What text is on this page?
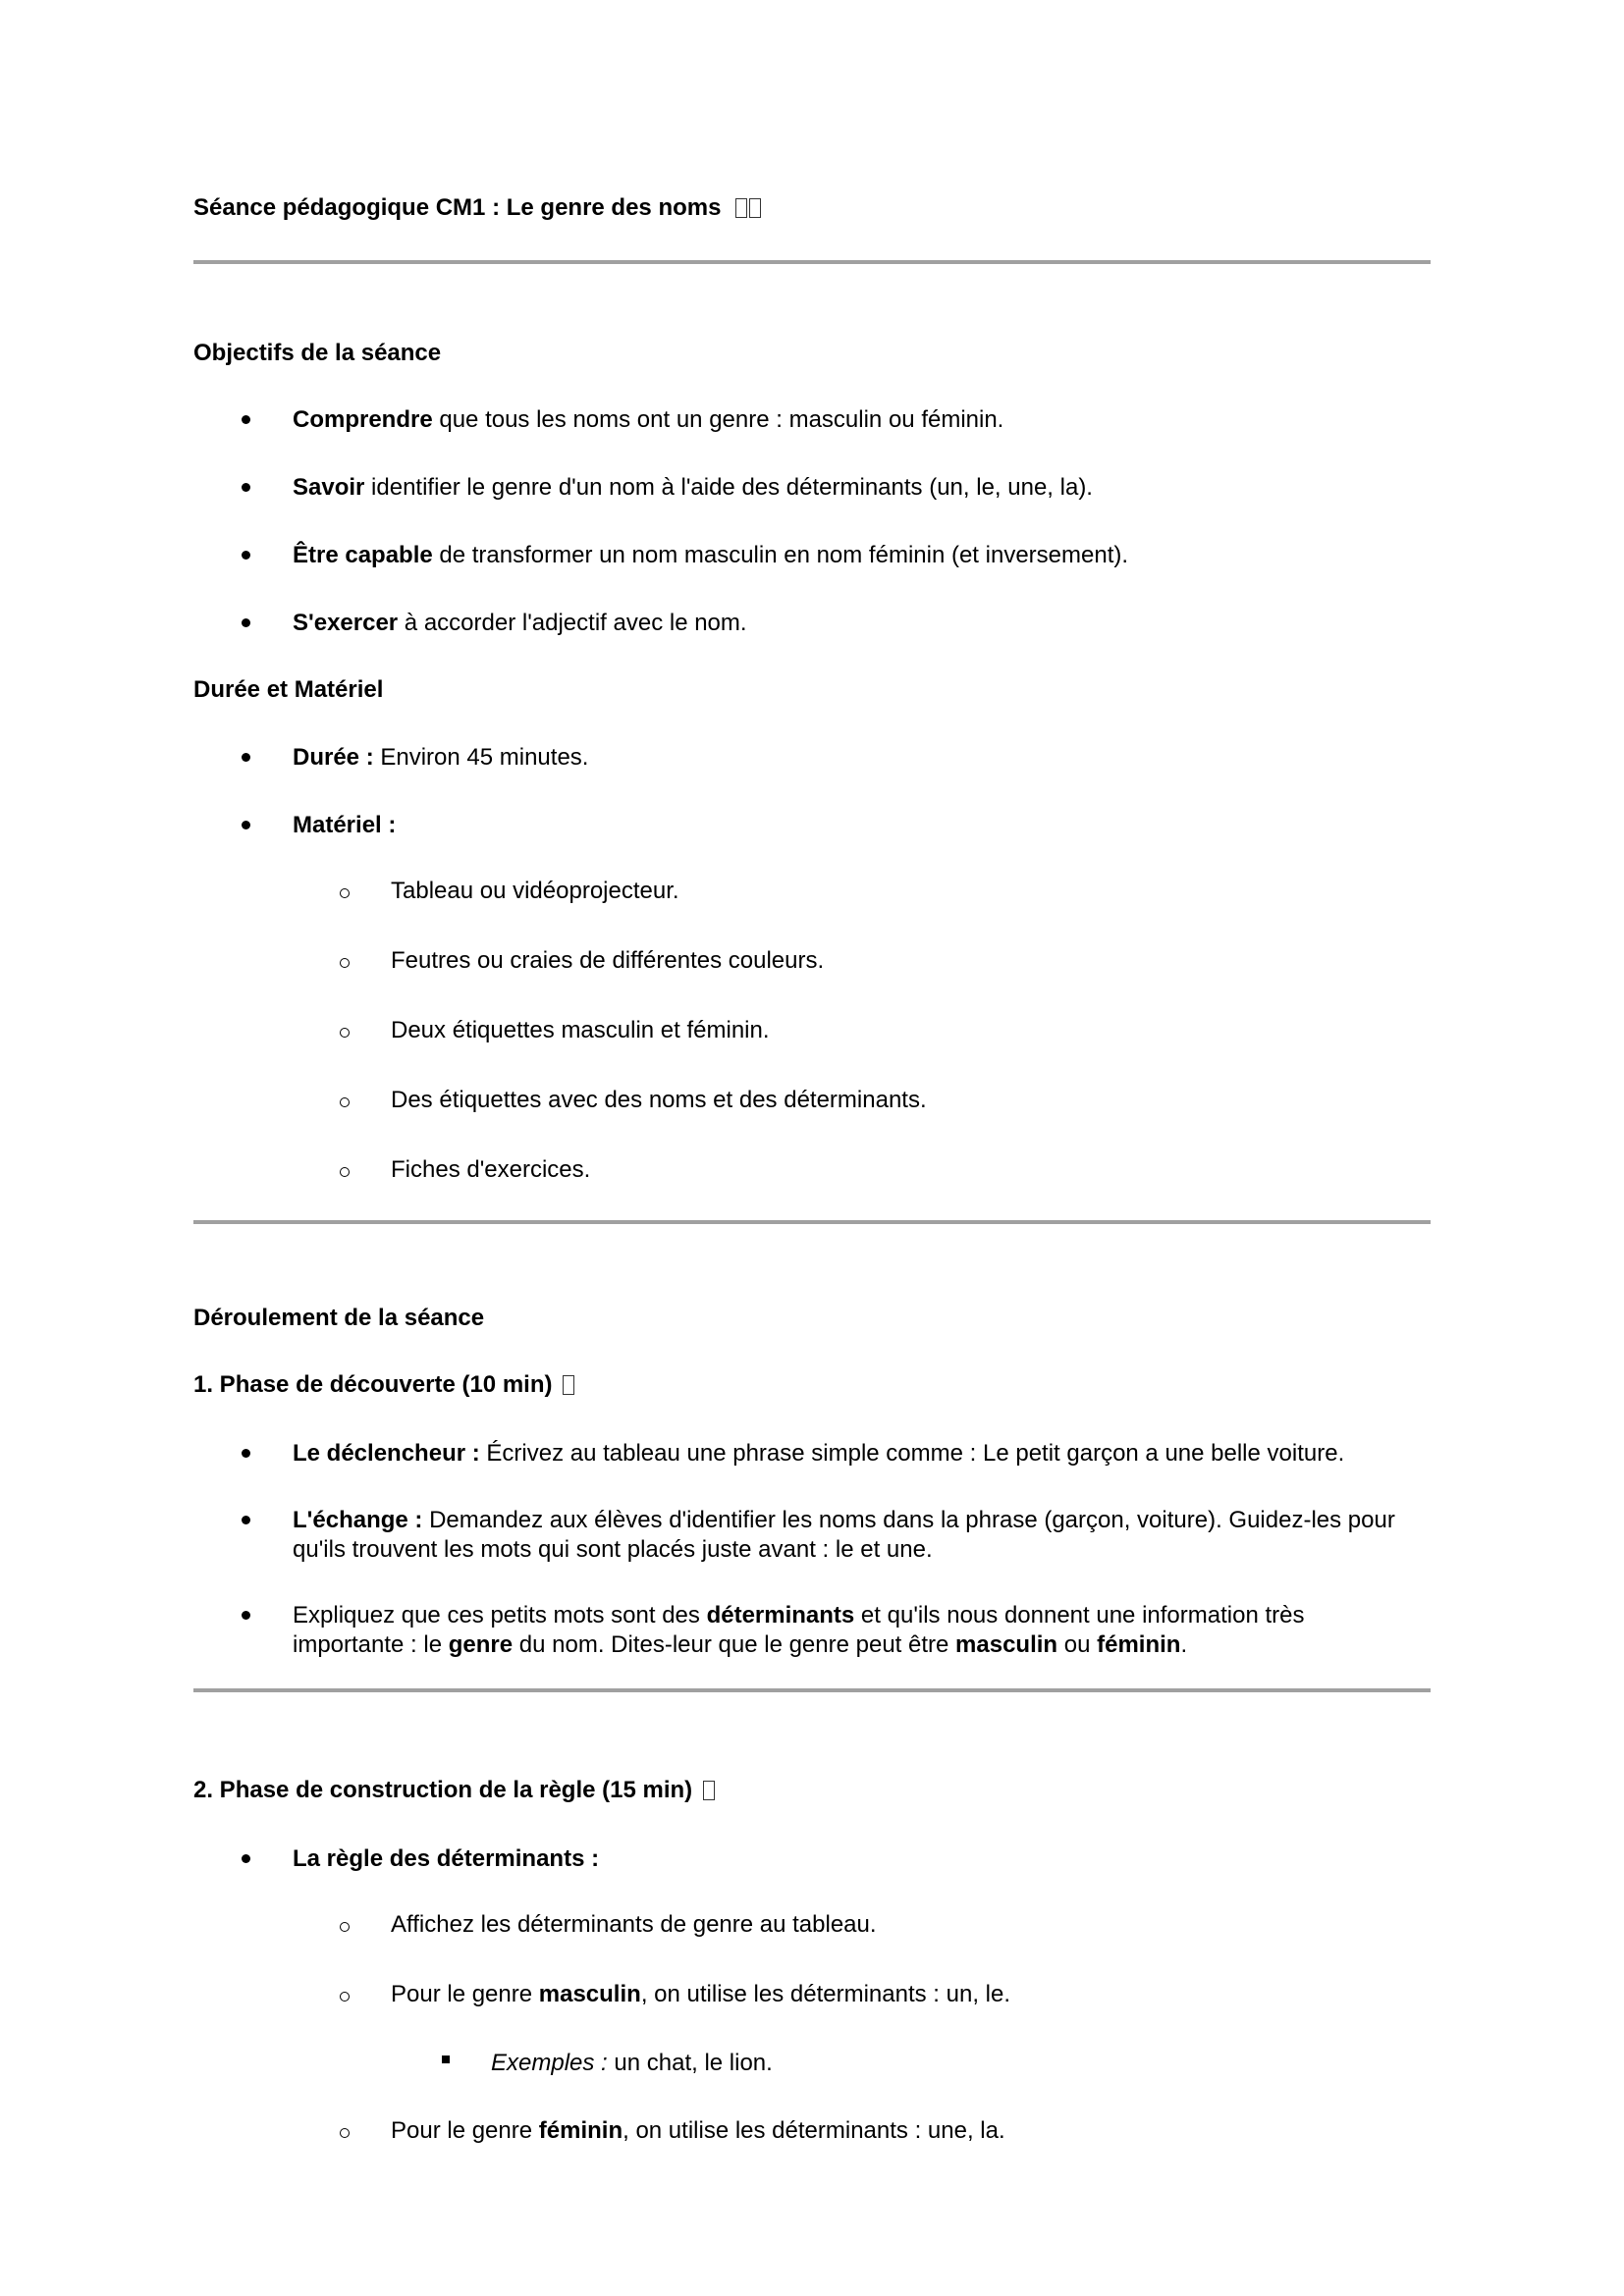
Séance pédagogique CM1 : Le genre des noms
Objectifs de la séance
Comprendre que tous les noms ont un genre : masculin ou féminin.
Savoir identifier le genre d'un nom à l'aide des déterminants (un, le, une, la).
Être capable de transformer un nom masculin en nom féminin (et inversement).
S'exercer à accorder l'adjectif avec le nom.
Durée et Matériel
Durée : Environ 45 minutes.
Matériel :
Tableau ou vidéoprojecteur.
Feutres ou craies de différentes couleurs.
Deux étiquettes masculin et féminin.
Des étiquettes avec des noms et des déterminants.
Fiches d'exercices.
Déroulement de la séance
1. Phase de découverte (10 min)
Le déclencheur : Écrivez au tableau une phrase simple comme : Le petit garçon a une belle voiture.
L'échange : Demandez aux élèves d'identifier les noms dans la phrase (garçon, voiture). Guidez-les pour qu'ils trouvent les mots qui sont placés juste avant : le et une.
Expliquez que ces petits mots sont des déterminants et qu'ils nous donnent une information très importante : le genre du nom. Dites-leur que le genre peut être masculin ou féminin.
2. Phase de construction de la règle (15 min)
La règle des déterminants :
Affichez les déterminants de genre au tableau.
Pour le genre masculin, on utilise les déterminants : un, le.
Exemples : un chat, le lion.
Pour le genre féminin, on utilise les déterminants : une, la.
